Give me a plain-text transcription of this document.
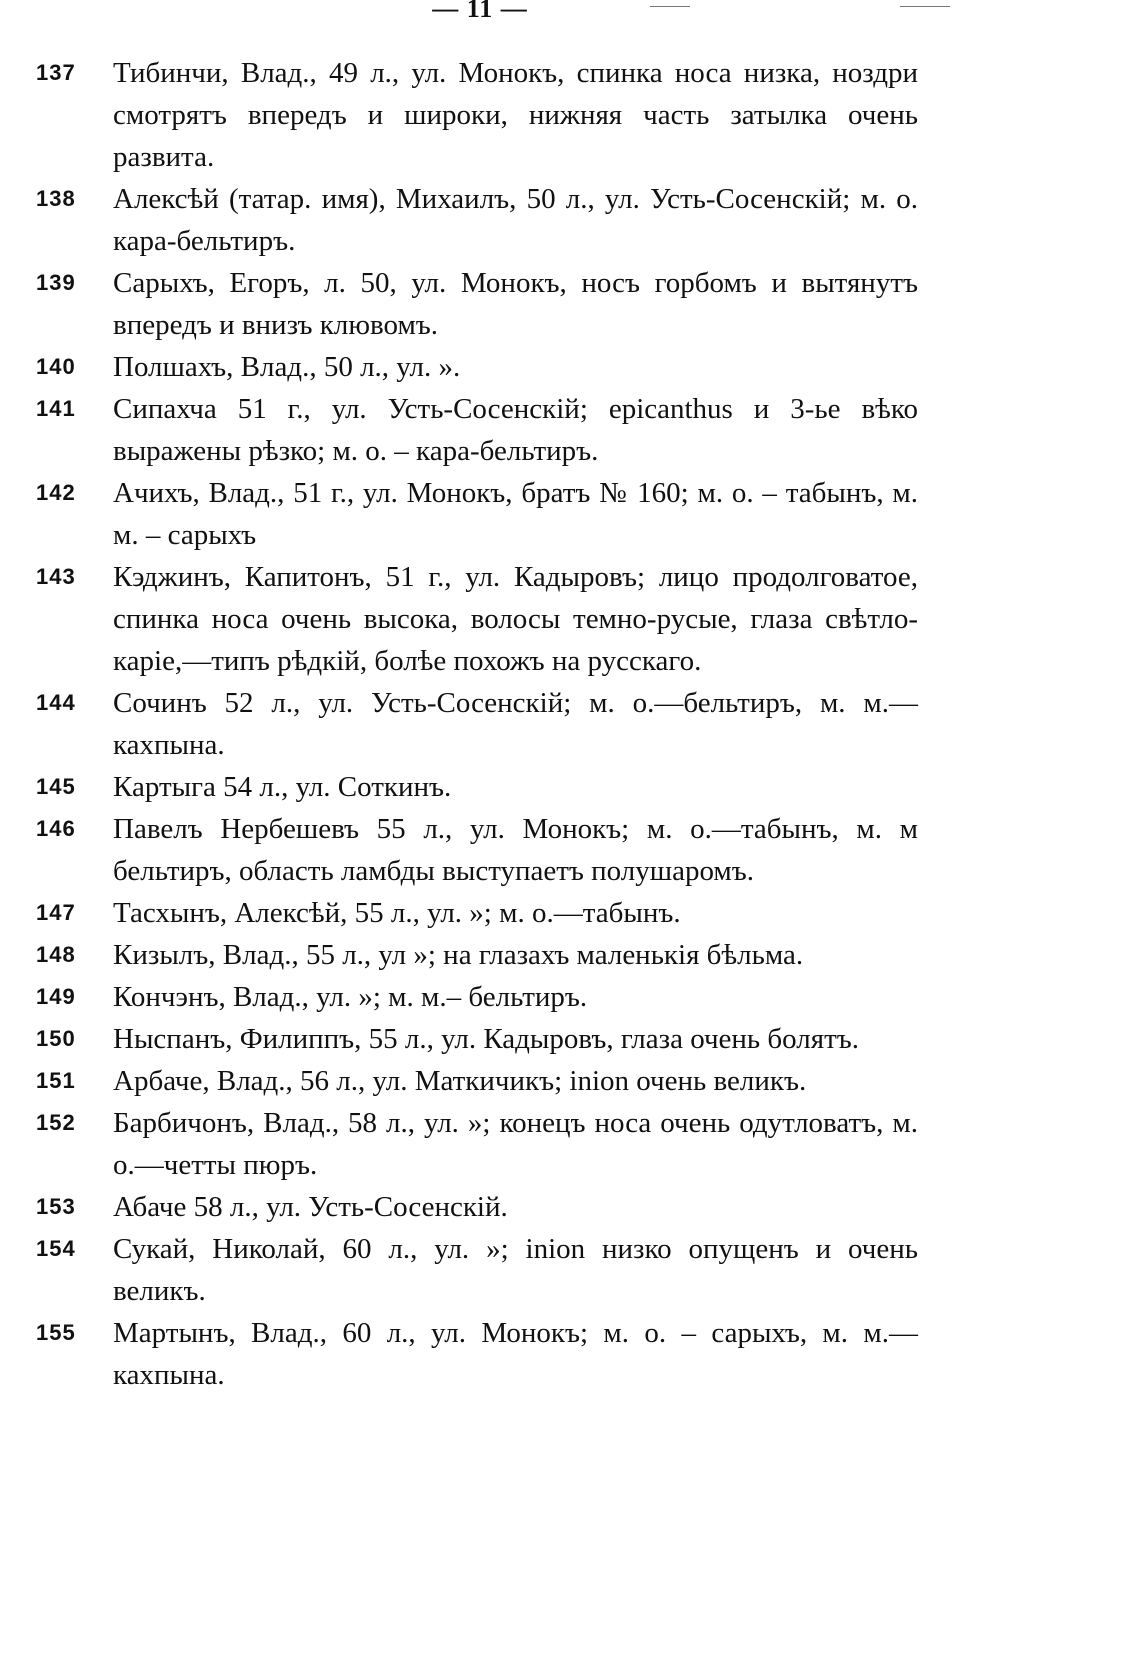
— 11 —
137	Тибинчи, Влад., 49 л., ул. Монокъ, спинка носа низка, ноздри смотрятъ впередъ и широки, нижняя часть затылка очень развита.
138	Алексѣй (татар. имя), Михаилъ, 50 л., ул. Усть-Сосенскій; м. о. кара-бельтиръ.
139	Сарыхъ, Егоръ, л. 50, ул. Монокъ, носъ горбомъ и вытянутъ впередъ и внизъ клювомъ.
140	Полшахъ, Влад., 50 л., ул. ».
141	Сипахча 51 г., ул. Усть-Сосенскій; epicanthus и 3-ье вѣко выражены рѣзко; м. о. – кара-бельтиръ.
142	Ачихъ, Влад., 51 г., ул. Монокъ, братъ № 160; м. о. – табынъ, м. м. – сарыхъ
143	Кэджинъ, Капитонъ, 51 г., ул. Кадыровъ; лицо продолговатое, спинка носа очень высока, волосы темно-русые, глаза свѣтло-каріе,—типъ рѣдкій, болѣе похожъ на русскаго.
144	Сочинъ 52 л., ул. Усть-Сосенскій; м. о.—бельтиръ, м. м.—кахпына.
145	Картыга 54 л., ул. Соткинъ.
146	Павелъ Нербешевъ 55 л., ул. Монокъ; м. о.—табынъ, м. м бельтиръ, область ламбды выступаетъ полушаромъ.
147	Тасхынъ, Алексѣй, 55 л., ул. »; м. о.—табынъ.
148	Кизылъ, Влад., 55 л., ул »; на глазахъ маленькія бѣльма.
149	Кончэнъ, Влад., ул. »; м. м.– бельтиръ.
150	Ныспанъ, Филиппъ, 55 л., ул. Кадыровъ, глаза очень болятъ.
151	Арбаче, Влад., 56 л., ул. Маткичикъ; inion очень великъ.
152	Барбичонъ, Влад., 58 л., ул. »; конецъ носа очень одутловатъ, м. о.—четты пюръ.
153	Абаче 58 л., ул. Усть-Сосенскій.
154	Сукай, Николай, 60 л., ул. »; inion низко опущенъ и очень великъ.
155	Мартынъ, Влад., 60 л., ул. Монокъ; м. о. – сарыхъ, м. м.— кахпына.
